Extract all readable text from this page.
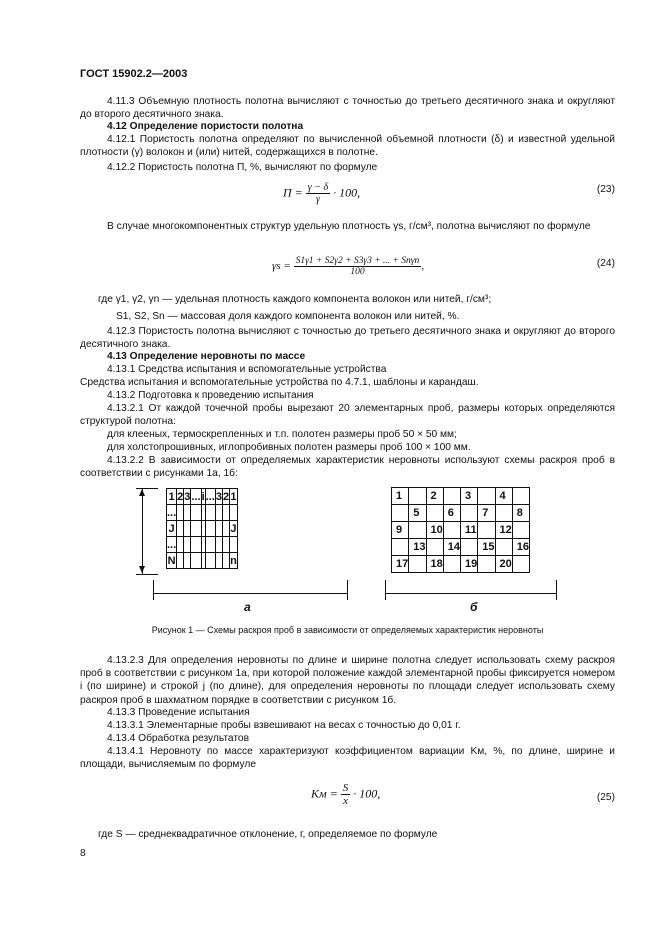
ГОСТ 15902.2—2003
4.11.3 Объемную плотность полотна вычисляют с точностью до третьего десятичного знака и округляют до второго десятичного знака.
4.12 Определение пористости полотна
4.12.1 Пористость полотна определяют по вычисленной объемной плотности (δ) и известной удельной плотности (γ) волокон и (или) нитей, содержащихся в полотне.
4.12.2 Пористость полотна Π, %, вычисляют по формуле
$\Pi = \frac{\gamma - \delta}{\gamma} \cdot 100$,	(23)
В случае многокомпонентных структур удельную плотность γs, г/см³, полотна вычисляют по формуле
$\gamma s = \frac{\text{S1γ1 + S2γ2 + S3γ3 + ... + Snγn}}{100}$ ,	(24)
где γ1, γ2, γn — удельная плотность каждого компонента волокон или нитей, г/см³;
S1, S2, Sn — массовая доля каждого компонента волокон или нитей, %.
4.12.3 Пористость полотна вычисляют с точностью до третьего десятичного знака и округляют до второго десятичного знака.
4.13 Определение неровноты по массе
4.13.1 Средства испытания и вспомогательные устройства
Средства испытания и вспомогательные устройства по 4.7.1, шаблоны и карандаш.
4.13.2 Подготовка к проведению испытания
4.13.2.1 От каждой точечной пробы вырезают 20 элементарных проб, размеры которых определяются структурой полотна:
для клееных, термоскрепленных и т.п. полотен размеры проб 50 × 50 мм;
для холстопрошивных, иглопробивных полотен размеры проб 100 × 100 мм.
4.13.2.2 В зависимости от определяемых характеристик неровноты используют схемы раскроя проб в соответствии с рисунками 1а, 1б:
1	2	3	...	i	...	3	2	1
...								
J								J
...								
N								n
а
1		2		3		4	
	5		6		7		8
9		10		11		12	
	13		14		15		16
17		18		19		20	
б
Рисунок 1 — Схемы раскроя проб в зависимости от определяемых характеристик неровноты
4.13.2.3 Для определения неровноты по длине и ширине полотна следует использовать схему раскроя проб в соответствии с рисунком 1а, при которой положение каждой элементарной пробы фиксируется номером i (по ширине) и строкой j (по длине), для определения неровноты по площади следует использовать схему раскроя проб в шахматном порядке в соответствии с рисунком 1б.
4.13.3 Проведение испытания
4.13.3.1 Элементарные пробы взвешивают на весах с точностью до 0,01 г.
4.13.4 Обработка результатов
4.13.4.1 Неровноту по массе характеризуют коэффициентом вариации Kм, %, по длине, ширине и площади, вычисляемым по формуле
Kм = $\frac{S}{x} \cdot 100$,	(25)
где S — среднеквадратичное отклонение, г, определяемое по формуле
8
